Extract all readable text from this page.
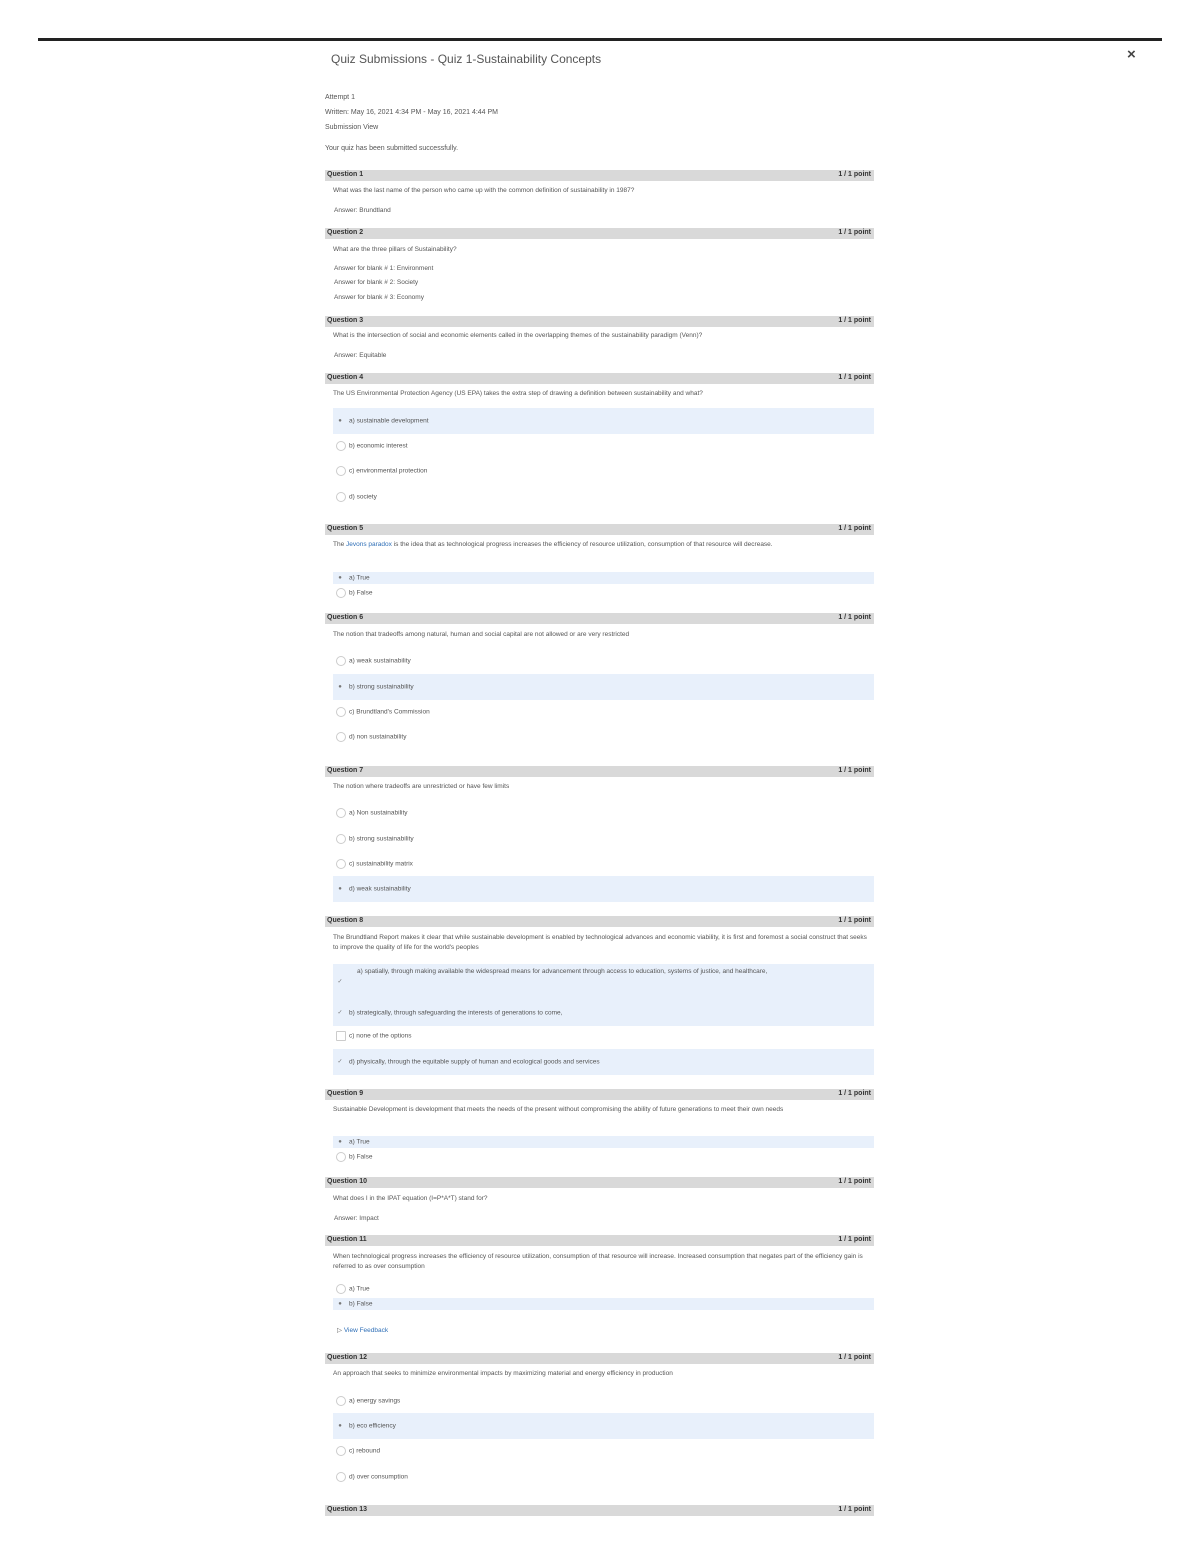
×
Quiz Submissions - Quiz 1-Sustainability Concepts
Attempt 1
Written: May 16, 2021 4:34 PM - May 16, 2021 4:44 PM
Submission View
Your quiz has been submitted successfully.
Question 1	1 / 1 point
What was the last name of the person who came up with the common definition of sustainability in 1987?
Answer: Brundtland
Question 2	1 / 1 point
What are the three pillars of Sustainability?
Answer for blank # 1: Environment
Answer for blank # 2: Society
Answer for blank # 3: Economy
Question 3	1 / 1 point
What is the intersection of social and economic elements called in the overlapping themes of the sustainability paradigm (Venn)?
Answer: Equitable
Question 4	1 / 1 point
The US Environmental Protection Agency (US EPA) takes the extra step of drawing a definition between sustainability and what?
●	a) sustainable development
b) economic interest
c) environmental protection
d) society
Question 5	1 / 1 point
The Jevons paradox is the idea that as technological progress increases the efficiency of resource utilization, consumption of that resource will decrease.
●	a) True
b) False
Question 6	1 / 1 point
The notion that tradeoffs among natural, human and social capital are not allowed or are very restricted
a) weak sustainability
●	b) strong sustainability
c) Brundtland's Commission
d) non sustainability
Question 7	1 / 1 point
The notion where tradeoffs are unrestricted or have few limits
a) Non sustainability
b) strong sustainability
c) sustainability matrix
●	d) weak sustainability
Question 8	1 / 1 point
The Brundtland Report makes it clear that while sustainable development is enabled by technological advances and economic viability, it is first and foremost a social construct that seeks to improve the quality of life for the world's peoples
✓
a) spatially, through making available the widespread means for advancement through access to education, systems of justice, and healthcare,
✓ b) strategically, through safeguarding the interests of generations to come,
c) none of the options
✓ d) physically, through the equitable supply of human and ecological goods and services
Question 9	1 / 1 point
Sustainable Development is development that meets the needs of the present without compromising the ability of future generations to meet their own needs
●	a) True
b) False
Question 10	1 / 1 point
What does I in the IPAT equation (I=P*A*T) stand for?
Answer: Impact
Question 11	1 / 1 point
When technological progress increases the efficiency of resource utilization, consumption of that resource will increase. Increased consumption that negates part of the efficiency gain is referred to as over consumption
a) True
●	b) False
▷ View Feedback
Question 12	1 / 1 point
An approach that seeks to minimize environmental impacts by maximizing material and energy efficiency in production
a) energy savings
●	b) eco efficiency
c) rebound
d) over consumption
Question 13	1 / 1 point
